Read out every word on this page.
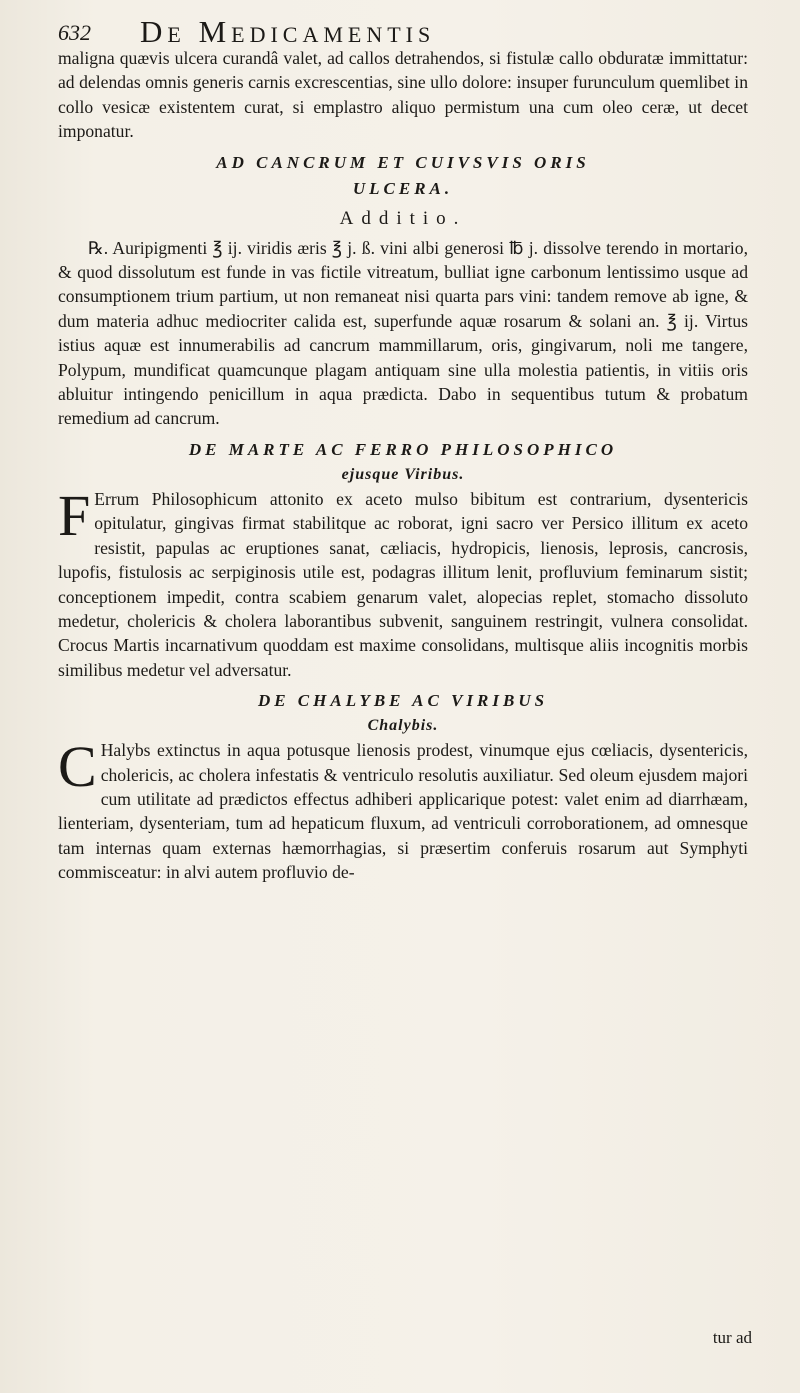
632 De Medicamentis

maligna quævis ulcera curandâ valet, ad callos detrahendos, si fistulæ callo obduratæ immittatur: ad delendas omnis generis carnis excrescentias, sine ullo dolore: insuper furunculum quemlibet in collo vesicæ existentem curat, si emplastro aliquo permistum una cum oleo ceræ, ut decet imponatur.

AD CANCRUM ET CUIVSVIS ORIS

ULCERA.

Additio.

℞. Auripigmenti ℥ ij. viridis æris ℥ j. ß. vini albi generosi ℔ j. dissolve terendo in mortario, & quod dissolutum est funde in vas fictile vitreatum, bulliat igne carbonum lentissimo usque ad consumptionem trium partium, ut non remaneat nisi quarta pars vini: tandem remove ab igne, & dum materia adhuc mediocriter calida est, superfunde aquæ rosarum & solani an. ℥ ij. Virtus istius aquæ est innumerabilis ad cancrum mammillarum, oris, gingivarum, noli me tangere, Polypum, mundificat quamcunque plagam antiquam sine ulla molestia patientis, in vitiis oris abluitur intingendo penicillum in aqua prædicta. Dabo in sequentibus tutum & probatum remedium ad cancrum.

DE MARTE AC FERRO PHILOSOPHICO

ejusque Viribus.

F Errum Philosophicum attonito ex aceto mulso bibitum est contrarium, dysentericis opitulatur, gingivas firmat stabilitque ac roborat, igni sacro ver Persico illitum ex aceto resistit, papulas ac eruptiones sanat, cæliacis, hydropicis, lienosis, leprosis, cancrosis, lupofis, fistulosis ac serpiginosis utile est, podagras illitum lenit, profluvium feminarum sistit; conceptionem impedit, contra scabiem genarum valet, alopecias replet, stomacho dissoluto medetur, cholericis & cholera laborantibus subvenit, sanguinem restringit, vulnera consolidat. Crocus Martis incarnativum quoddam est maxime consolidans, multisque aliis incognitis morbis similibus medetur vel adversatur.

DE CHALYBE AC VIRIBUS

Chalybis.

C Halybs extinctus in aqua potusque lienosis prodest, vinumque ejus cœliacis, dysentericis, cholericis, ac cholera infestatis & ventriculo resolutis auxiliatur. Sed oleum ejusdem majori cum utilitate ad prædictos effectus adhiberi applicarique potest: valet enim ad diarrhæam, lienteriam, dysenteriam, tum ad hepaticum fluxum, ad ventriculi corroborationem, ad omnesque tam internas quam externas hæmorrhagias, si præsertim conferuis rosarum aut Symphyti commisceatur: in alvi autem profluvio de-

tur ad
